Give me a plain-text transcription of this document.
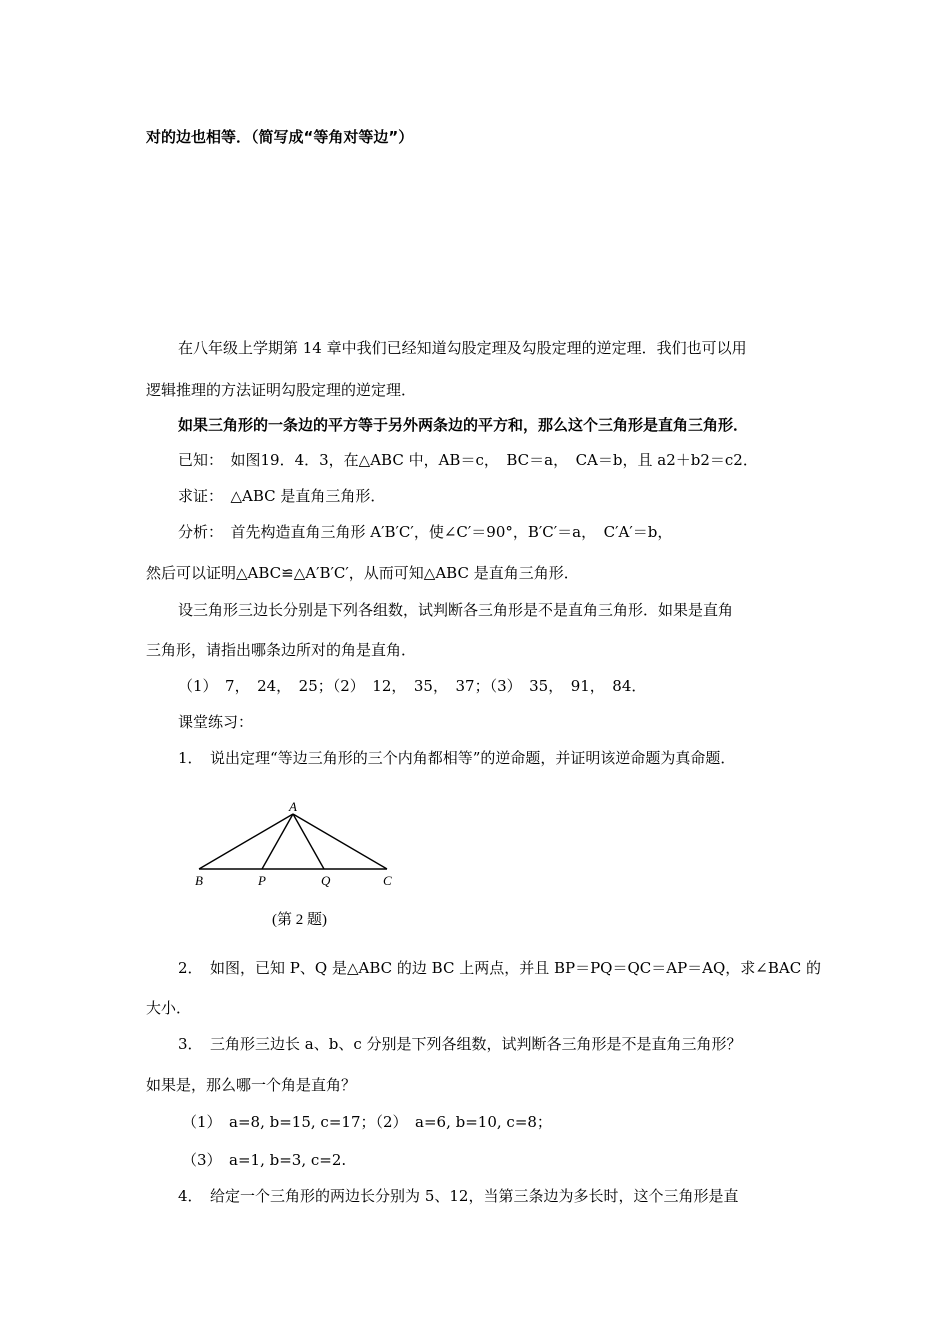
对的边也相等．（简写成“等角对等边”）
在八年级上学期第 14 章中我们已经知道勾股定理及勾股定理的逆定理．我们也可以用
逻辑推理的方法证明勾股定理的逆定理．
如果三角形的一条边的平方等于另外两条边的平方和，那么这个三角形是直角三角形．
已知：　如图19．4．3，在△ABC 中，AB＝c，　BC＝a，　CA＝b，且 a2＋b2＝c2．
求证：　△ABC 是直角三角形．
分析：　首先构造直角三角形 A′B′C′，使∠C′＝90°，B′C′＝a，　C′A′＝b，
然后可以证明△ABC≌△A′B′C′，从而可知△ABC 是直角三角形．
设三角形三边长分别是下列各组数，试判断各三角形是不是直角三角形．如果是直角
三角形，请指出哪条边所对的角是直角．
（1）　7，　24，　25；（2）　12，　35，　37；（3）　35，　91，　84．
课堂练习：
1．　说出定理“等边三角形的三个内角都相等”的逆命题，并证明该逆命题为真命题．
A
B	P	Q	C
(第 2 题)
2．　如图，已知 P、Q 是△ABC 的边 BC 上两点，并且 BP＝PQ＝QC＝AP＝AQ，求∠BAC 的
大小．
3．　三角形三边长 a、b、c 分别是下列各组数，试判断各三角形是不是直角三角形？
如果是，那么哪一个角是直角？
（1）　a=8, b=15, c=17；（2）　a=6, b=10, c=8；
（3）　a=1, b=3, c=2.
4．　给定一个三角形的两边长分别为 5、12，当第三条边为多长时，这个三角形是直
